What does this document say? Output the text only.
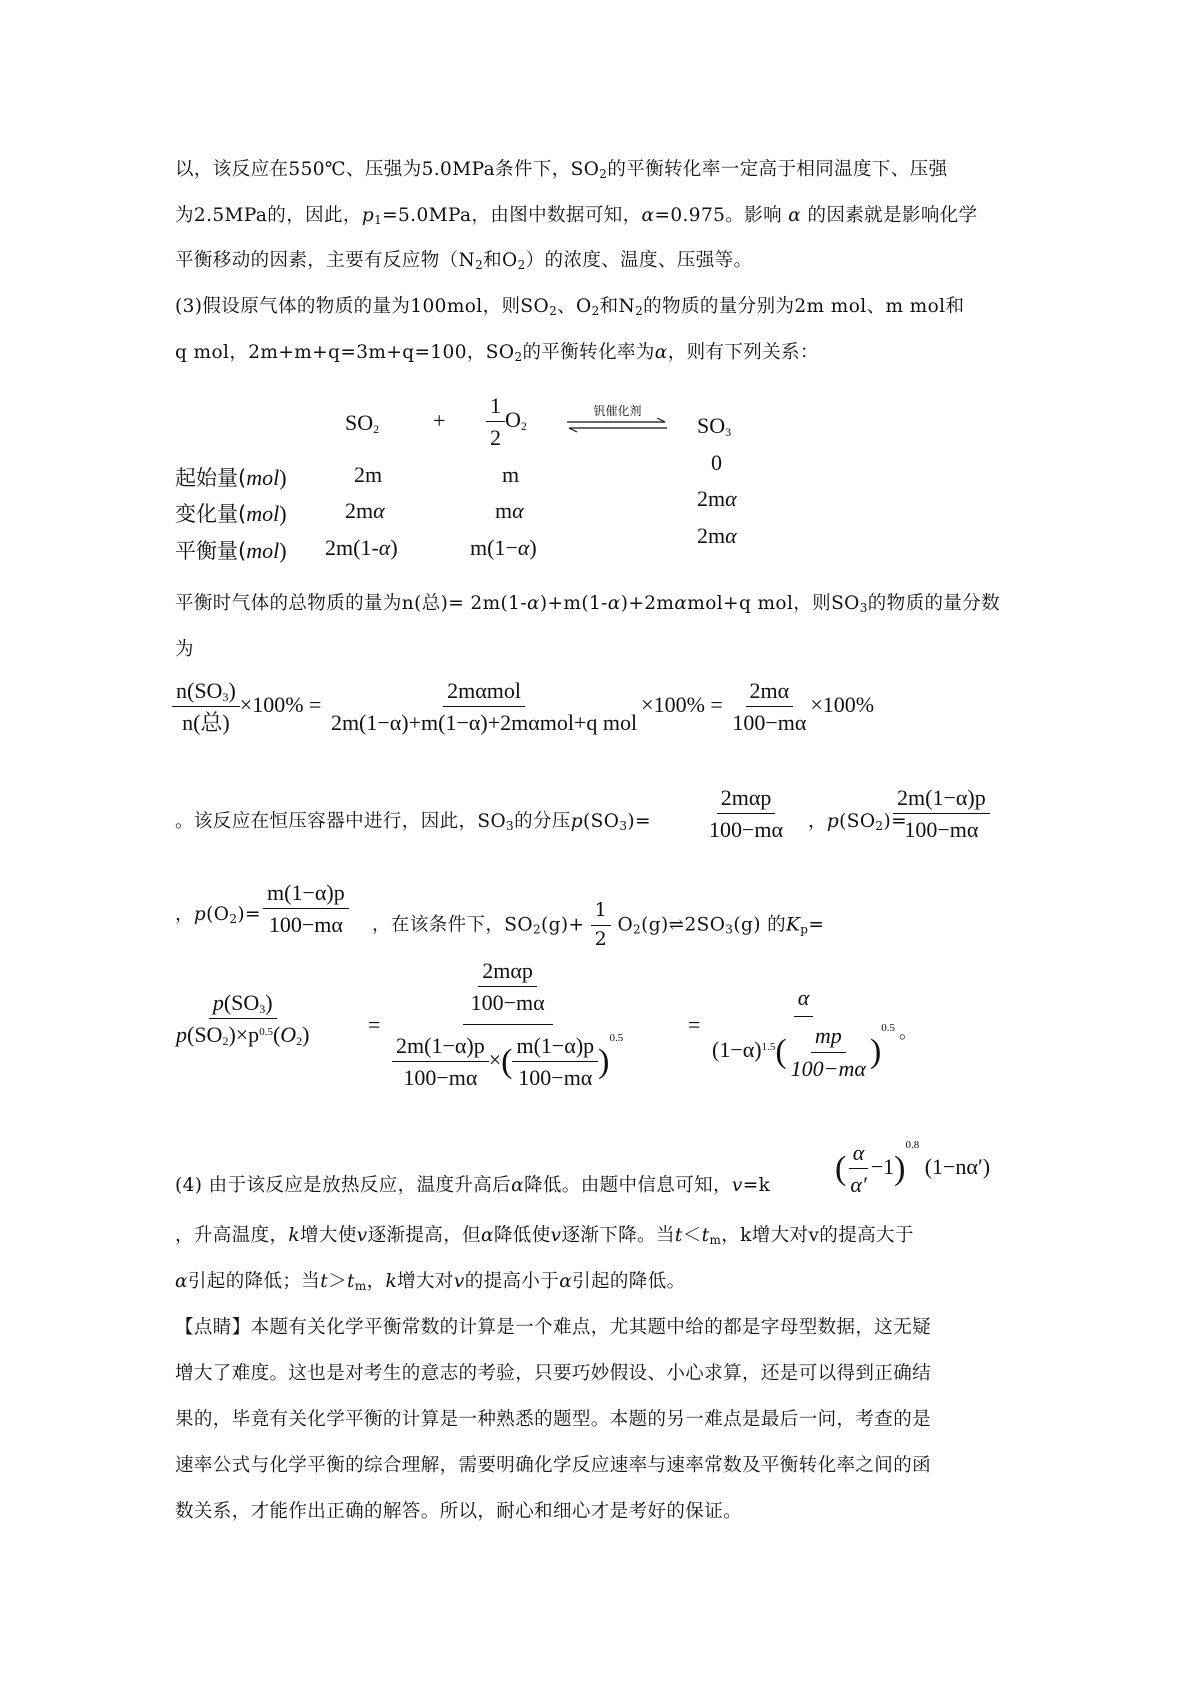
以，该反应在550℃、压强为5.0MPa条件下，$SO_2$的平衡转化率一定高于相同温度下、压强
为2.5MPa的，因此，$p_1=5.0MPa$，由图中数据可知，α=0.975。影响 α 的因素就是影响化学
平衡移动的因素，主要有反应物（$N_2$和$O_2$）的浓度、温度、压强等。
(3)假设原气体的物质的量为100mol，则$SO_2$、$O_2$和$N_2$的物质的量分别为2m mol、m mol和
q mol，2m+m+q=3m+q=100，$SO_2$的平衡转化率为α，则有下列关系：
$SO_2 + \frac{1}{2} O_2$
钒催化剂
$SO_3$
起始量(mol)	2m	m	0
变化量(mol)	2mα	mα	2mα
平衡量(mol) 2m(1-α)	m(1−α)	2mα
平衡时气体的总物质的量为n(总)= 2m(1-α)+m(1-α)+2mαmol+q mol，则$SO_3$的物质的量分数
为
$\frac{n(SO_3)}{\text{n(总)}} \times 100\% = \frac{\text{2mαmol}}{\text{2m(1−α)+m(1−α)+2mαmol+q mol}} \times 100\% = \frac{2m\alpha}{100-m\alpha} \times 100\%$
。该反应在恒压容器中进行，因此，$SO_3$的分压$p(SO_3)= \frac{\text{2mαp}}{100-m\alpha}$ ，$p(SO_2)=$
$\frac{2m(1-\alpha)p}{100-m\alpha}$
，$p(O_2)= \frac{m(1-\alpha)p}{100-m\alpha}$ ，在该条件下，$SO_2(g)+ \frac{1}{2}$ $O_2(g)\rightleftharpoons 2SO_3(g)$ 的$K_p=$
$\frac{p(SO_3)}{p(SO_2)\times p^{0.5}(O_2)} = \frac{\frac{\text{2mαp}}{100-m\alpha}}{\frac{2m(1-\alpha)p}{100-m\alpha} \times( \frac{m(1-\alpha)p}{100-m\alpha} )^{0.5}}$	= $\frac{\alpha}{(1-\alpha)^{1.5}( \frac{mp}{100-m\alpha} )^{0.5}}$ 。
(4) 由于该反应是放热反应，温度升高后α降低。由题中信息可知，v=k ( $\frac{\alpha}{\alpha'} -1)^{0.8}$ (1−nα′)
，升高温度，k增大使v逐渐提高，但α降低使v逐渐下降。当$t<t_m$，k增大对v的提高大于
α引起的降低；当$t>t_m$，k增大对v的提高小于α引起的降低。
【点睛】本题有关化学平衡常数的计算是一个难点，尤其题中给的都是字母型数据，这无疑
增大了难度。这也是对考生的意志的考验，只要巧妙假设、小心求算，还是可以得到正确结
果的，毕竟有关化学平衡的计算是一种熟悉的题型。本题的另一难点是最后一问，考查的是
速率公式与化学平衡的综合理解，需要明确化学反应速率与速率常数及平衡转化率之间的函
数关系，才能作出正确的解答。所以，耐心和细心才是考好的保证。
